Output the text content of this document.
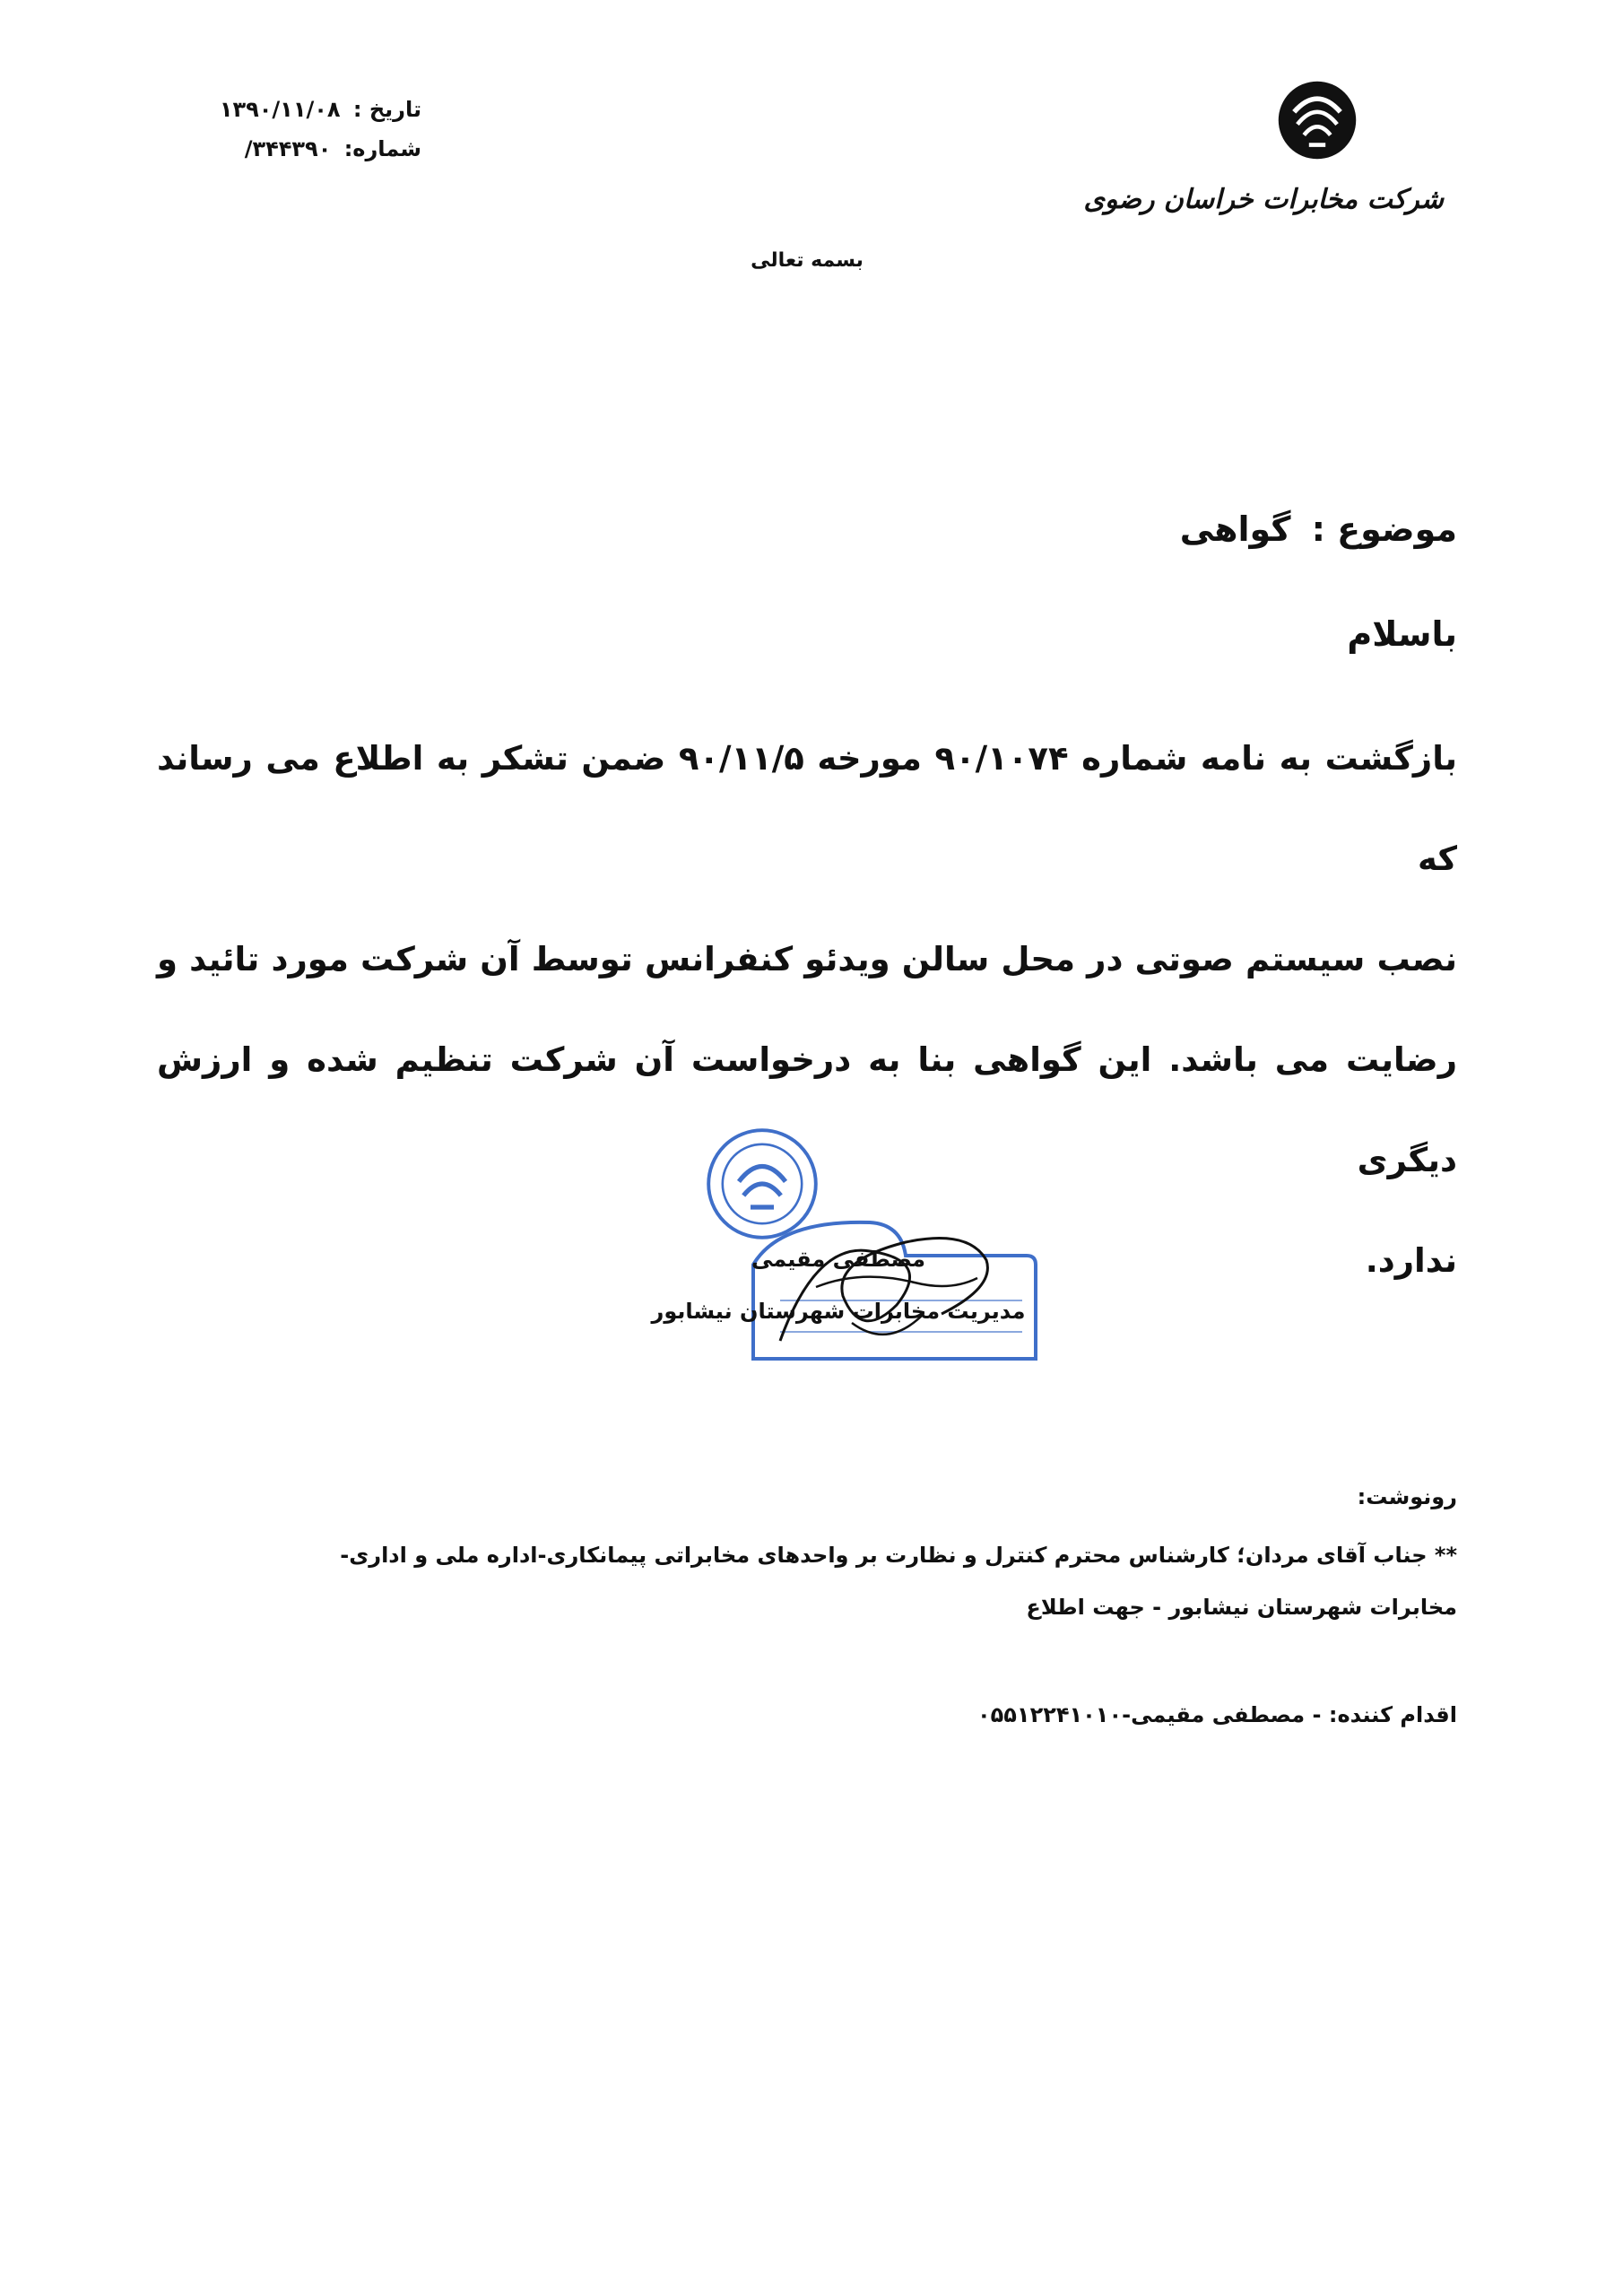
شرکت مخابرات خراسان رضوی
تاریخ : ۱۳۹۰/۱۱/۰۸
شماره: ۳۴۴۳۹۰/
بسمه تعالی
موضوع : گواهی
باسلام
بازگشت به نامه شماره ۹۰/۱۰۷۴ مورخه ۹۰/۱۱/۵ ضمن تشکر به اطلاع می رساند که
نصب سیستم صوتی در محل سالن ویدئو کنفرانس توسط آن شرکت مورد تائید و
رضایت می باشد. این گواهی بنا به درخواست آن شرکت تنظیم شده و ارزش دیگری
ندارد.
مصطفی مقیمی
مدیریت مخابرات شهرستان نیشابور
رونوشت:
** جناب آقای مردان؛ کارشناس محترم کنترل و نظارت بر واحدهای مخابراتی پیمانکاری-اداره ملی و اداری-
مخابرات شهرستان نیشابور - جهت اطلاع
اقدام کننده: - مصطفی مقیمی-۰۵۵۱۲۲۴۱۰۱۰
